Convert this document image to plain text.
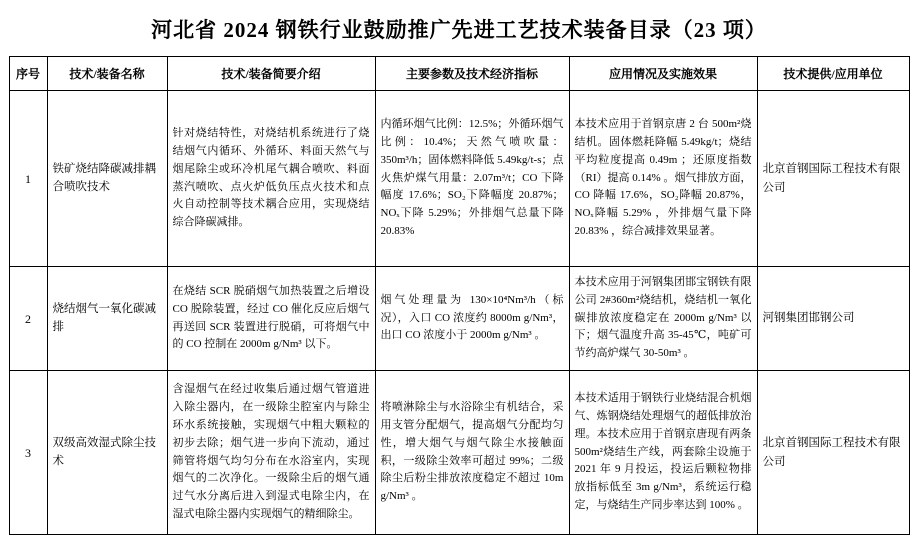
河北省 2024 钢铁行业鼓励推广先进工艺技术装备目录（23 项）
序号	技术/装备名称	技术/装备简要介绍	主要参数及技术经济指标	应用情况及实施效果	技术提供/应用单位
1	铁矿烧结降碳减排耦合喷吹技术	针对烧结特性，对烧结机系统进行了烧结烟气内循环、外循环、料面天然气与烟尾除尘或环冷机尾气耦合喷吹、料面蒸汽喷吹、点火炉低负压点火技术和点火自动控制等技术耦合应用，实现烧结综合降碳减排。	内循环烟气比例：12.5%；外循环烟气比例：10.4%；天然气喷吹量：350m³/h；固体燃料降低 5.49kg/t-s；点火焦炉煤气用量：2.07m³/t；CO 下降幅度 17.6%；SO₂下降幅度 20.87%；NOₓ下降 5.29%；外排烟气总量下降 20.83%	本技术应用于首钢京唐 2 台 500m²烧结机。固体燃耗降幅 5.49kg/t；烧结平均粒度提高 0.49m ；还原度指数（RI）提高 0.14% 。烟气排放方面，CO 降幅 17.6%，SO₂降幅 20.87%，NOₓ降幅 5.29% ，外排烟气量下降 20.83% ，综合减排效果显著。	北京首钢国际工程技术有限公司
2	烧结烟气一氧化碳减排	在烧结 SCR 脱硝烟气加热装置之后增设 CO 脱除装置，经过 CO 催化反应后烟气再送回 SCR 装置进行脱硝，可将烟气中的 CO 控制在 2000m g/Nm³ 以下。	烟气处理量为 130×10⁴Nm³/h（标况），入口 CO 浓度约 8000m g/Nm³，出口 CO 浓度小于 2000m g/Nm³ 。	本技术应用于河钢集团邯宝钢铁有限公司 2#360m²烧结机，烧结机一氧化碳排放浓度稳定在 2000m g/Nm³ 以下；烟气温度升高 35-45℃，吨矿可节约高炉煤气 30-50m³ 。	河钢集团邯钢公司
3	双级高效湿式除尘技术	含湿烟气在经过收集后通过烟气管道进入除尘器内，在一级除尘腔室内与除尘环水系统接触，实现烟气中粗大颗粒的初步去除；烟气进一步向下流动，通过筛管将烟气均匀分布在水浴室内，实现烟气的二次净化。一级除尘后的烟气通过气水分离后进入到湿式电除尘内，在湿式电除尘器内实现烟气的精细除尘。	将喷淋除尘与水浴除尘有机结合，采用支管分配烟气，提高烟气分配均匀性，增大烟气与烟气除尘水接触面积，一级除尘效率可超过 99%；二级除尘后粉尘排放浓度稳定不超过 10m g/Nm³ 。	本技术适用于钢铁行业烧结混合机烟气、炼钢烧结处理烟气的超低排放治理。本技术应用于首钢京唐现有两条 500m²烧结生产线，两套除尘设施于 2021 年 9 月投运，投运后颗粒物排放指标低至 3m g/Nm³，系统运行稳定，与烧结生产同步率达到 100% 。	北京首钢国际工程技术有限公司
